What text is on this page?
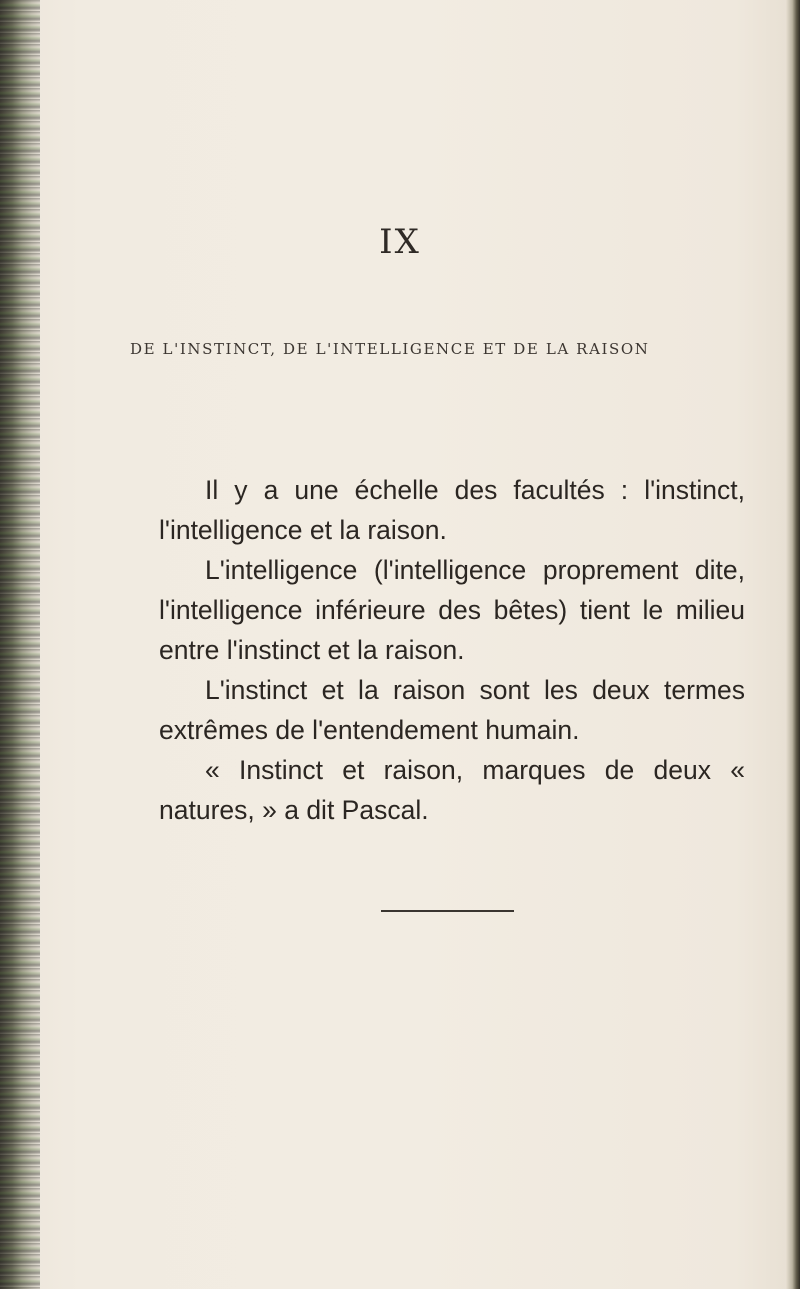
IX
DE L'INSTINCT, DE L'INTELLIGENCE ET DE LA RAISON

Il y a une échelle des facultés : l'instinct, l'intelligence et la raison.

L'intelligence (l'intelligence proprement dite, l'intelligence inférieure des bêtes) tient le milieu entre l'instinct et la raison.

L'instinct et la raison sont les deux termes extrêmes de l'entendement humain.

« Instinct et raison, marques de deux « natures, » a dit Pascal.
